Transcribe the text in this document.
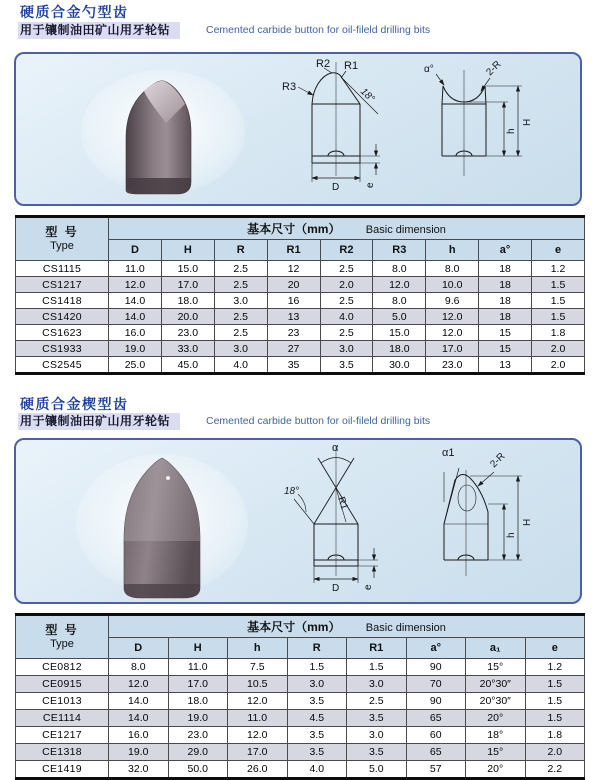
硬质合金勺型齿
用于镶制油田矿山用牙轮钻	Cemented carbide button for oil-fileld drilling bits
R2 R1
R3	18°
α°	2-R
H
h
e
D
型 号
Type	基本尺寸（mm） Basic dimension								
	D	H	R	R1	R2	R3	h	a°	e
CS1115	11.0	15.0	2.5	12	2.5	8.0	8.0	18	1.2
CS1217	12.0	17.0	2.5	20	2.0	12.0	10.0	18	1.5
CS1418	14.0	18.0	3.0	16	2.5	8.0	9.6	18	1.5
CS1420	14.0	20.0	2.5	13	4.0	5.0	12.0	18	1.5
CS1623	16.0	23.0	2.5	23	2.5	15.0	12.0	15	1.8
CS1933	19.0	33.0	3.0	27	3.0	18.0	17.0	15	2.0
CS2545	25.0	45.0	4.0	35	3.5	30.0	23.0	13	2.0
硬质合金楔型齿
用于镶制油田矿山用牙轮钻	Cemented carbide button for oil-fileld drilling bits
α
18°
R1
α1	2-R
H
h
e
D
型 号
Type	基本尺寸（mm） Basic dimension							
	D	H	h	R	R1	a°	a₁	e
CE0812	8.0	11.0	7.5	1.5	1.5	90	15°	1.2
CE0915	12.0	17.0	10.5	3.0	3.0	70	20°30″	1.5
CE1013	14.0	18.0	12.0	3.5	2.5	90	20°30″	1.5
CE1114	14.0	19.0	11.0	4.5	3.5	65	20°	1.5
CE1217	16.0	23.0	12.0	3.5	3.0	60	18°	1.8
CE1318	19.0	29.0	17.0	3.5	3.5	65	15°	2.0
CE1419	32.0	50.0	26.0	4.0	5.0	57	20°	2.2
